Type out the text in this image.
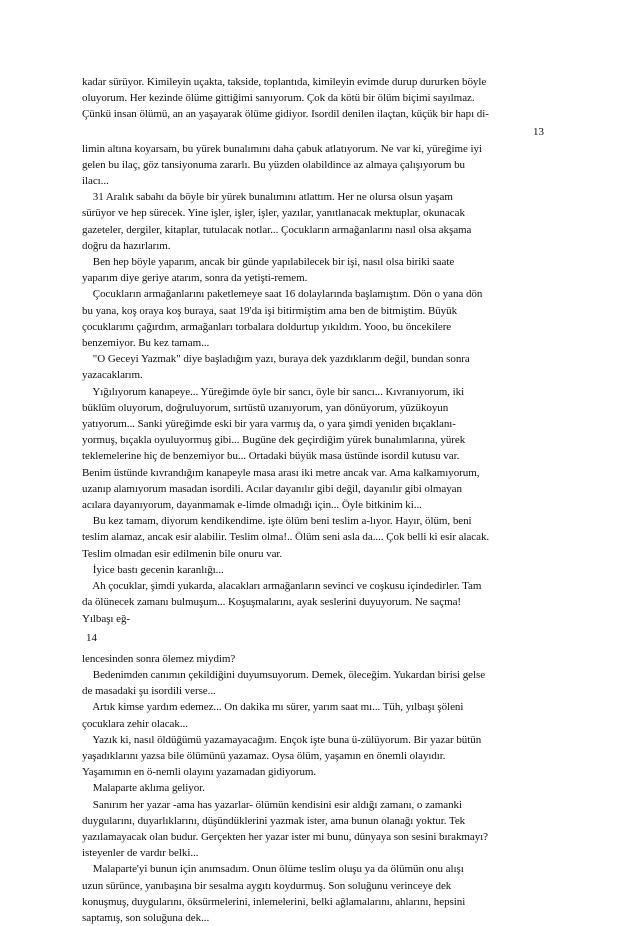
kadar sürüyor. Kimileyin uçakta, takside, toplantıda, kimileyin evimde durup dururken böyle
oluyorum. Her kezinde ölüme gittiğimi sanıyorum. Çok da kötü bir ölüm biçimi sayılmaz.
Çünkü insan ölümü, an an yaşayarak ölüme gidiyor. Isordil denilen ilaçtan, küçük bir hapı di-
13
limin altına koyarsam, bu yürek bunalımını daha çabuk atlatıyorum. Ne var ki, yüreğime iyi
gelen bu ilaç, göz tansiyonuma zararlı. Bu yüzden olabildince az almaya çalışıyorum bu
ilacı...
31 Aralık sabahı da böyle bir yürek bunalımını atlattım. Her ne olursa olsun yaşam
sürüyor ve hep sürecek. Yine işler, işler, işler, yazılar, yanıtlanacak mektuplar, okunacak
gazeteler, dergiler, kitaplar, tutulacak notlar... Çocukların armağanlarını nasıl olsa akşama
doğru da hazırlarım.
Ben hep böyle yaparım, ancak bir günde yapılabilecek bir işi, nasıl olsa biriki saate
yaparım diye geriye atarım, sonra da yetişti-remem.
Çocukların armağanlarını paketlemeye saat 16 dolaylarında başlamıştım. Dön o yana dön
bu yana, koş oraya koş buraya, saat 19'da işi bitirmiştim ama ben de bitmiştim. Büyük
çocuklarımı çağırdım, armağanları torbalara doldurtup yıkıldım. Yooo, bu öncekilere
benzemiyor. Bu kez tamam...
"O Geceyi Yazmak" diye başladığım yazı, buraya dek yazdıklarım değil, bundan sonra
yazacaklarım.
Yığılıyorum kanapeye... Yüreğimde öyle bir sancı, öyle bir sancı... Kıvranıyorum, iki
büklüm oluyorum, doğruluyorum, sırtüstü uzanıyorum, yan dönüyorum, yüzükoyun
yatıyorum... Sanki yüreğimde eski bir yara varmış da, o yara şimdi yeniden bıçaklanı-
yormuş, bıçakla oyuluyormuş gibi... Bugüne dek geçirdiğim yürek bunalımlarına, yürek
teklemelerine hiç de benzemiyor bu... Ortadaki büyük masa üstünde isordil kutusu var.
Benim üstünde kıvrandığım kanapeyle masa arası iki metre ancak var. Ama kalkamıyorum,
uzanıp alamıyorum masadan isordili. Acılar dayanılır gibi değil, dayanılır gibi olmayan
acılara dayanıyorum, dayanmamak e-limde olmadığı için... Öyle bitkinim ki...
Bu kez tamam, diyorum kendikendime. işte ölüm beni teslim a-lıyor. Hayır, ölüm, beni
teslim alamaz, ancak esir alabilir. Teslim olma!.. Ölüm seni asla da.... Çok belli ki esir alacak.
Teslim olmadan esir edilmenin bile onuru var.
İyice bastı gecenin karanlığı...
Ah çocuklar, şimdi yukarda, alacakları armağanların sevinci ve coşkusu içindedirler. Tam
da ölünecek zamanı bulmuşum... Koşuşmalarını, ayak seslerini duyuyorum. Ne saçma!
Yılbaşı eğ-
14
lencesinden sonra ölemez miydim?
Bedenimden canımın çekildiğini duyumsuyorum. Demek, öleceğim. Yukardan birisi gelse
de masadaki şu isordili verse...
Artık kimse yardım edemez... On dakika mı sürer, yarım saat mı... Tüh, yılbaşı şöleni
çocuklara zehir olacak...
Yazık ki, nasıl öldüğümü yazamayacağım. Ençok işte buna ü-zülüyorum. Bir yazar bütün
yaşadıklarını yazsa bile ölümünü yazamaz. Oysa ölüm, yaşamın en önemli olayıdır.
Yaşamımın en ö-nemli olayını yazamadan gidiyorum.
Malaparte aklıma geliyor.
Sanırım her yazar -ama has yazarlar- ölümün kendisini esir aldığı zamanı, o zamanki
duygularını, duyarlıklarını, düşündüklerini yazmak ister, ama bunun olanağı yoktur. Tek
yazılamayacak olan budur. Gerçekten her yazar ister mi bunu, dünyaya son sesini bırakmayı?
isteyenler de vardır belki...
Malaparte'yi bunun için anımsadım. Onun ölüme teslim oluşu ya da ölümün onu alışı
uzun sürünce, yanıbaşına bir sesalma aygıtı koydurmuş. Son soluğunu verinceye dek
konuşmuş, duygularını, öksürmelerini, inlemelerini, belki ağlamalarını, ahlarını, hepsini
saptamış, son soluğuna dek...
